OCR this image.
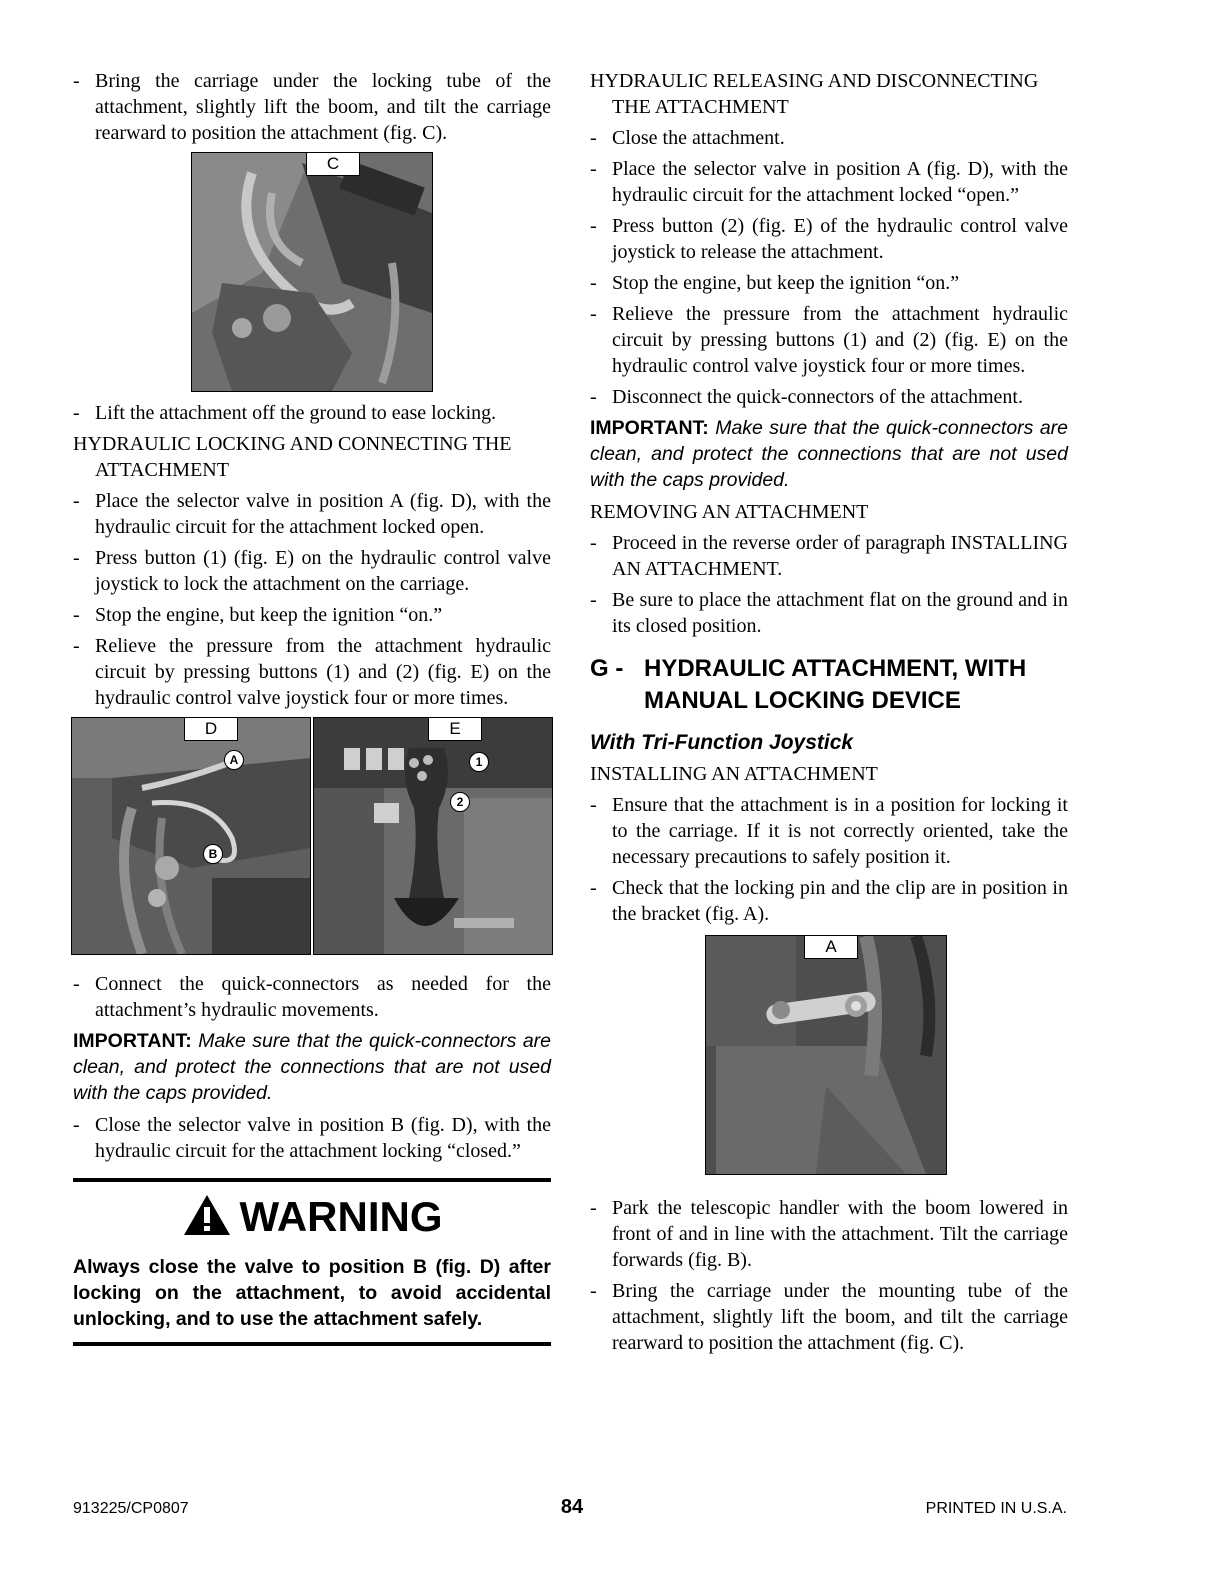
- Bring the carriage under the locking tube of the attachment, slightly lift the boom, and tilt the carriage rearward to position the attachment (fig. C).

C

- Lift the attachment off the ground to ease locking.

HYDRAULIC LOCKING AND CONNECTING THE ATTACHMENT

- Place the selector valve in position A (fig. D), with the hydraulic circuit for the attachment locked open.

- Press button (1) (fig. E) on the hydraulic control valve joystick to lock the attachment on the carriage.

- Stop the engine, but keep the ignition “on.”

- Relieve the pressure from the attachment hydraulic circuit by pressing buttons (1) and (2) (fig. E) on the hydraulic control valve joystick four or more times.

D
A
B
E
1
2

- Connect the quick-connectors as needed for the attachment’s hydraulic movements.

IMPORTANT: Make sure that the quick-connectors are clean, and protect the connections that are not used with the caps provided.

- Close the selector valve in position B (fig. D), with the hydraulic circuit for the attachment locking “closed.”

WARNING
Always close the valve to position B (fig. D) after locking on the attachment, to avoid accidental unlocking, and to use the attachment safely.

HYDRAULIC RELEASING AND DISCONNECTING THE ATTACHMENT

- Close the attachment.

- Place the selector valve in position A (fig. D), with the hydraulic circuit for the attachment locked “open.”

- Press button (2) (fig. E) of the hydraulic control valve joystick to release the attachment.

- Stop the engine, but keep the ignition “on.”

- Relieve the pressure from the attachment hydraulic circuit by pressing buttons (1) and (2) (fig. E) on the hydraulic control valve joystick four or more times.

- Disconnect the quick-connectors of the attachment.

IMPORTANT: Make sure that the quick-connectors are clean, and protect the connections that are not used with the caps provided.

REMOVING AN ATTACHMENT

- Proceed in the reverse order of paragraph INSTALLING AN ATTACHMENT.

- Be sure to place the attachment flat on the ground and in its closed position.

G - HYDRAULIC ATTACHMENT, WITH MANUAL LOCKING DEVICE
With Tri-Function Joystick

INSTALLING AN ATTACHMENT

- Ensure that the attachment is in a position for locking it to the carriage. If it is not correctly oriented, take the necessary precautions to safely position it.

- Check that the locking pin and the clip are in position in the bracket (fig. A).

A

- Park the telescopic handler with the boom lowered in front of and in line with the attachment. Tilt the carriage forwards (fig. B).

- Bring the carriage under the mounting tube of the attachment, slightly lift the boom, and tilt the carriage rearward to position the attachment (fig. C).

913225/CP0807	84	PRINTED IN U.S.A.
